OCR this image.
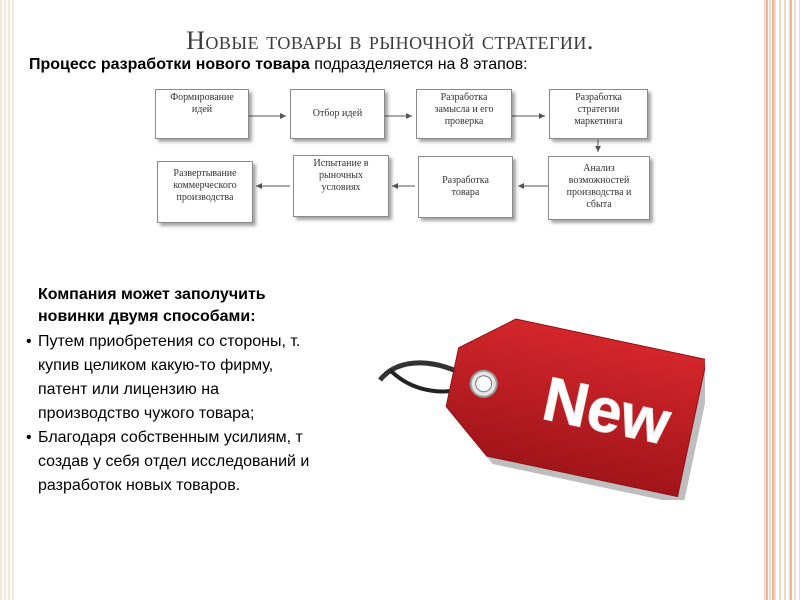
Новые товары в рыночной стратегии.
Процесс разработки нового товара подразделяется на 8 этапов:
Формирование
идей	Отбор идей
Разработка
замысла и его
проверка
Разработка
стратегии
маркетинга
Анализ
возможностей
производства и
сбыта
Разработка
товара
Испытание в
рыночных
условиях
Развертывание
коммерческого
производства
Компания может заполучить новинки двумя способами:
• Путем приобретения со стороны, т.
купив целиком какую-то фирму,
патент или лицензию на
производство чужого товара;
• Благодаря собственным усилиям, т
создав у себя отдел исследований и
разработок новых товаров.
New
